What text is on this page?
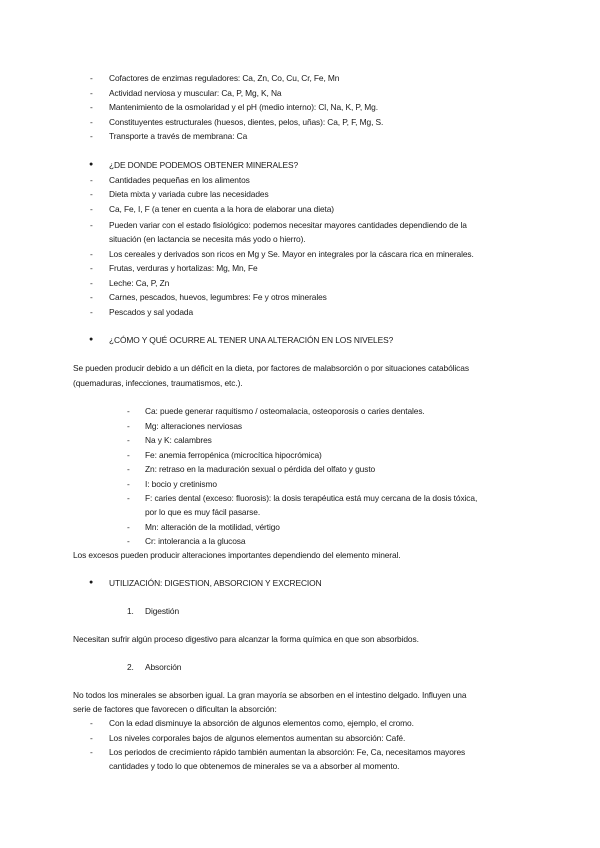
- Cofactores de enzimas reguladores: Ca, Zn, Co, Cu, Cr, Fe, Mn
- Actividad nerviosa y muscular: Ca, P, Mg, K, Na
- Mantenimiento de la osmolaridad y el pH (medio interno): Cl, Na, K, P, Mg.
- Constituyentes estructurales (huesos, dientes, pelos, uñas): Ca, P, F, Mg, S.
- Transporte a través de membrana: Ca
● ¿DE DONDE PODEMOS OBTENER MINERALES?
- Cantidades pequeñas en los alimentos
- Dieta mixta y variada cubre las necesidades
- Ca, Fe, I, F (a tener en cuenta a la hora de elaborar una dieta)
- Pueden variar con el estado fisiológico: podemos necesitar mayores cantidades dependiendo de la
situación (en lactancia se necesita más yodo o hierro).
- Los cereales y derivados son ricos en Mg y Se. Mayor en integrales por la cáscara rica en minerales.
- Frutas, verduras y hortalizas: Mg, Mn, Fe
- Leche: Ca, P, Zn
- Carnes, pescados, huevos, legumbres: Fe y otros minerales
- Pescados y sal yodada
● ¿CÓMO Y QUÉ OCURRE AL TENER UNA ALTERACIÓN EN LOS NIVELES?
Se pueden producir debido a un déficit en la dieta, por factores de malabsorción o por situaciones catabólicas
(quemaduras, infecciones, traumatismos, etc.).
- Ca: puede generar raquitismo / osteomalacia, osteoporosis o caries dentales.
- Mg: alteraciones nerviosas
- Na y K: calambres
- Fe: anemia ferropénica (microcítica hipocrómica)
- Zn: retraso en la maduración sexual o pérdida del olfato y gusto
- I: bocio y cretinismo
- F: caries dental (exceso: fluorosis): la dosis terapéutica está muy cercana de la dosis tóxica,
por lo que es muy fácil pasarse.
- Mn: alteración de la motilidad, vértigo
- Cr: intolerancia a la glucosa
Los excesos pueden producir alteraciones importantes dependiendo del elemento mineral.
● UTILIZACIÓN: DIGESTION, ABSORCION Y EXCRECION
1. Digestión
Necesitan sufrir algún proceso digestivo para alcanzar la forma química en que son absorbidos.
2. Absorción
No todos los minerales se absorben igual. La gran mayoría se absorben en el intestino delgado. Influyen una
serie de factores que favorecen o dificultan la absorción:
- Con la edad disminuye la absorción de algunos elementos como, ejemplo, el cromo.
- Los niveles corporales bajos de algunos elementos aumentan su absorción: Café.
- Los periodos de crecimiento rápido también aumentan la absorción: Fe, Ca, necesitamos mayores
cantidades y todo lo que obtenemos de minerales se va a absorber al momento.
